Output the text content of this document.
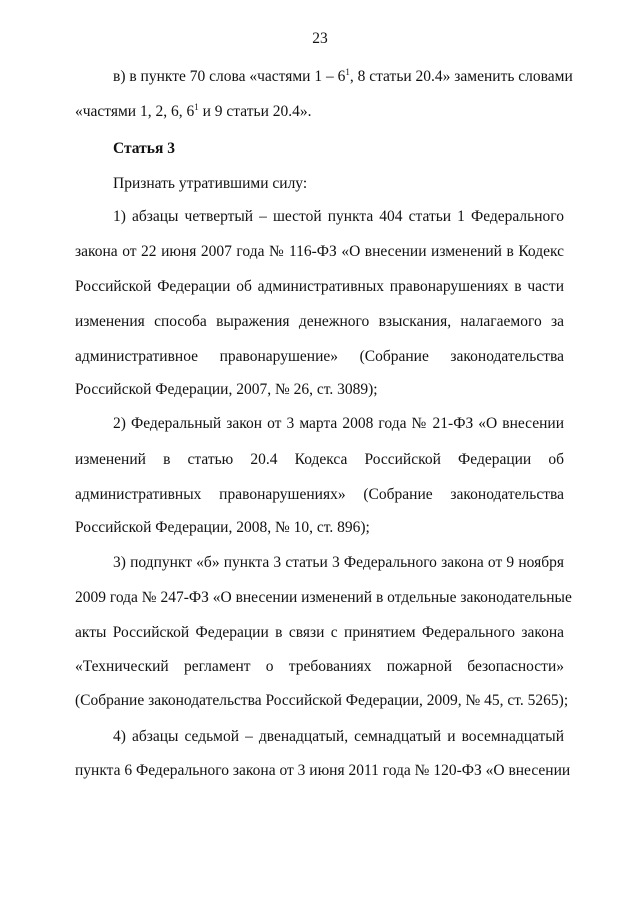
23
в) в пункте 70 слова «частями $1 - 6^1$, 8 статьи 20.4» заменить словами
«частями 1, 2, 6, $6^1$ и 9 статьи 20.4».
Статья 3
Признать утратившими силу:
1) абзацы четвертый – шестой пункта 404 статьи 1 Федерального
закона от 22 июня 2007 года № 116-ФЗ «О внесении изменений в Кодекс
Российской Федерации об административных правонарушениях в части
изменения способа выражения денежного взыскания, налагаемого за
административное правонарушение» (Собрание законодательства
Российской Федерации, 2007, № 26, ст. 3089);
2) Федеральный закон от 3 марта 2008 года № 21-ФЗ «О внесении
изменений в статью 20.4 Кодекса Российской Федерации об
административных правонарушениях» (Собрание законодательства
Российской Федерации, 2008, № 10, ст. 896);
3) подпункт «б» пункта 3 статьи 3 Федерального закона от 9 ноября
2009 года № 247-ФЗ «О внесении изменений в отдельные законодательные
акты Российской Федерации в связи с принятием Федерального закона
«Технический регламент о требованиях пожарной безопасности»
(Собрание законодательства Российской Федерации, 2009, № 45, ст. 5265);
4) абзацы седьмой – двенадцатый, семнадцатый и восемнадцатый
пункта 6 Федерального закона от 3 июня 2011 года № 120-ФЗ «О внесении
